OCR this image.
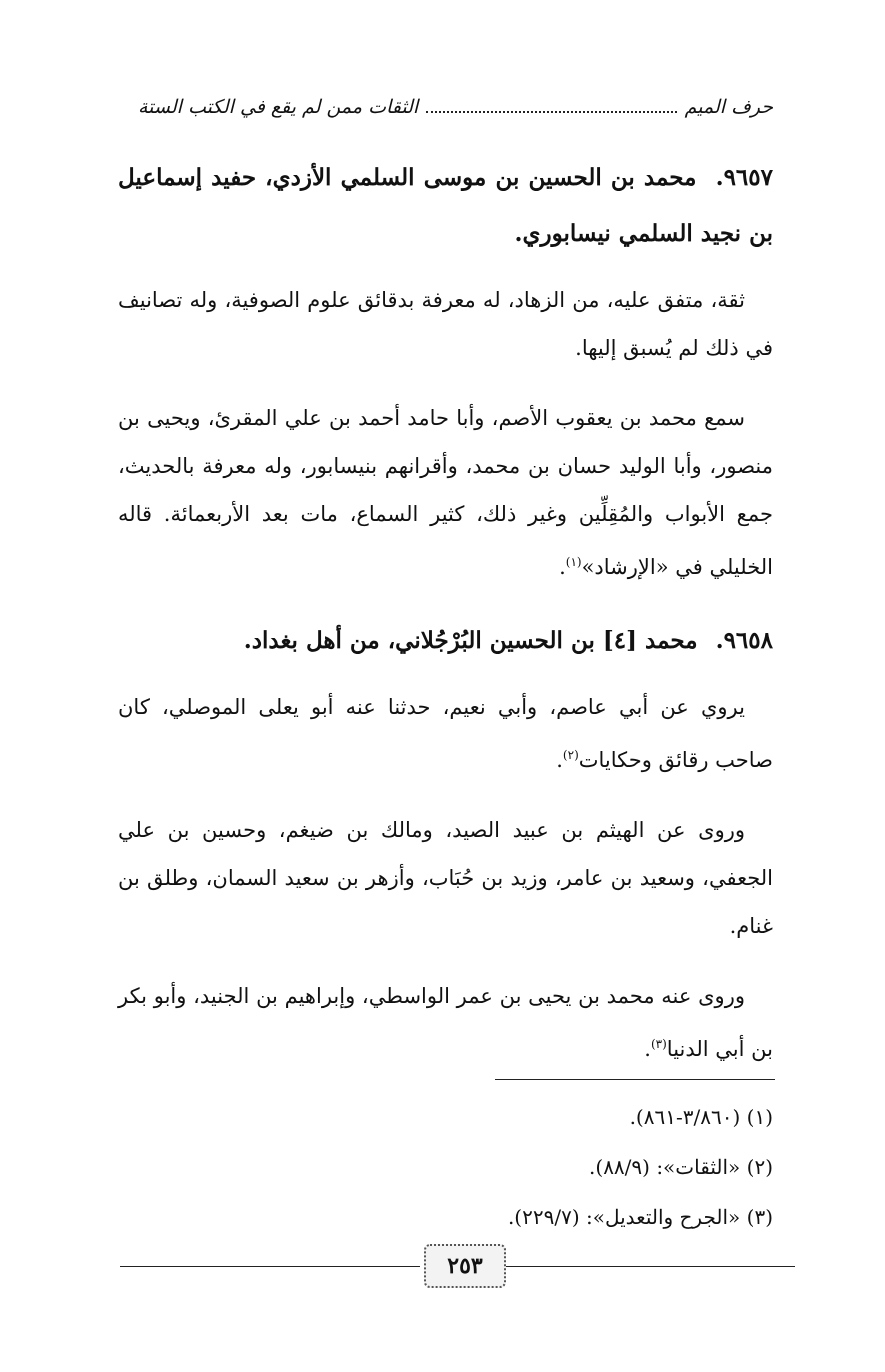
حرف الميم
الثقات ممن لم يقع في الكتب الستة
٩٦٥٧. محمد بن الحسين بن موسى السلمي الأزدي، حفيد إسماعيل بن نجيد السلمي نيسابوري.

ثقة، متفق عليه، من الزهاد، له معرفة بدقائق علوم الصوفية، وله تصانيف في ذلك لم يُسبق إليها.

سمع محمد بن يعقوب الأصم، وأبا حامد أحمد بن علي المقرئ، ويحيى بن منصور، وأبا الوليد حسان بن محمد، وأقرانهم بنيسابور، وله معرفة بالحديث، جمع الأبواب والمُقِلِّين وغير ذلك، كثير السماع، مات بعد الأربعمائة. قاله الخليلي في «الإرشاد»$^{(١)}$.

٩٦٥٨. محمد [٤] بن الحسين البُرْجُلاني، من أهل بغداد.

يروي عن أبي عاصم، وأبي نعيم، حدثنا عنه أبو يعلى الموصلي، كان صاحب رقائق وحكايات$^{(٢)}$.

وروى عن الهيثم بن عبيد الصيد، ومالك بن ضيغم، وحسين بن علي الجعفي، وسعيد بن عامر، وزيد بن حُبَاب، وأزهر بن سعيد السمان، وطلق بن غنام.

وروى عنه محمد بن يحيى بن عمر الواسطي، وإبراهيم بن الجنيد، وأبو بكر بن أبي الدنيا$^{(٣)}$.

(١) (٣/٨٦٠-٨٦١).
(٢) «الثقات»: (٨٨/٩).
(٣) «الجرح والتعديل»: (٢٢٩/٧).
٢٥٣
